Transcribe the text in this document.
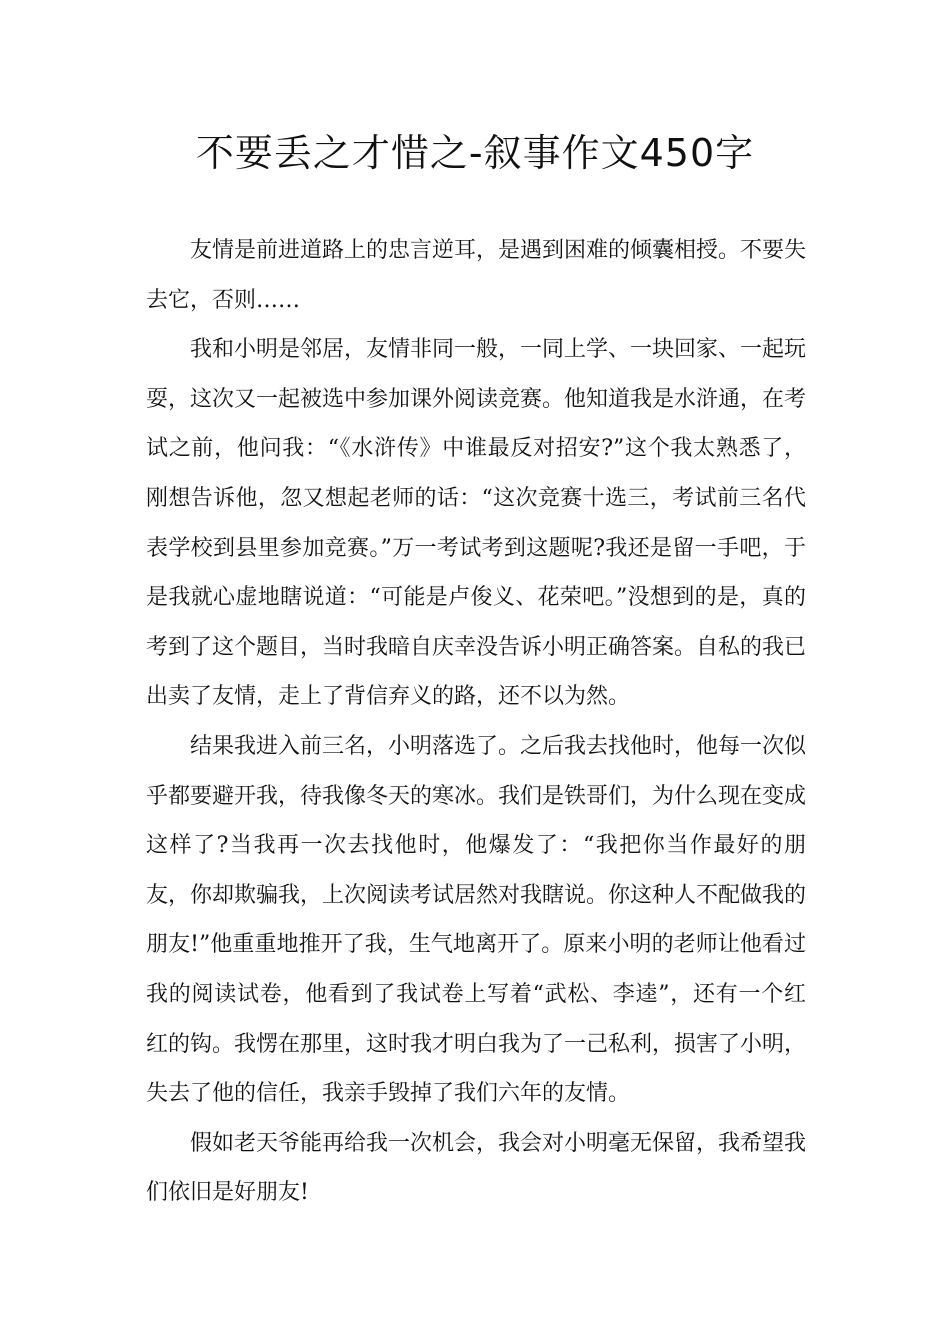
不要丢之才惜之-叙事作文450字

友情是前进道路上的忠言逆耳，是遇到困难的倾囊相授。不要失去它，否则……

我和小明是邻居，友情非同一般，一同上学、一块回家、一起玩耍，这次又一起被选中参加课外阅读竞赛。他知道我是水浒通，在考试之前，他问我：“《水浒传》中谁最反对招安?”这个我太熟悉了，刚想告诉他，忽又想起老师的话：“这次竞赛十选三，考试前三名代表学校到县里参加竞赛。”万一考试考到这题呢?我还是留一手吧，于是我就心虚地瞎说道：“可能是卢俊义、花荣吧。”没想到的是，真的考到了这个题目，当时我暗自庆幸没告诉小明正确答案。自私的我已出卖了友情，走上了背信弃义的路，还不以为然。

结果我进入前三名，小明落选了。之后我去找他时，他每一次似乎都要避开我，待我像冬天的寒冰。我们是铁哥们，为什么现在变成这样了?当我再一次去找他时，他爆发了：“我把你当作最好的朋友，你却欺骗我，上次阅读考试居然对我瞎说。你这种人不配做我的朋友!”他重重地推开了我，生气地离开了。原来小明的老师让他看过我的阅读试卷，他看到了我试卷上写着“武松、李逵”，还有一个红红的钩。我愣在那里，这时我才明白我为了一己私利，损害了小明，失去了他的信任，我亲手毁掉了我们六年的友情。

假如老天爷能再给我一次机会，我会对小明毫无保留，我希望我们依旧是好朋友!
